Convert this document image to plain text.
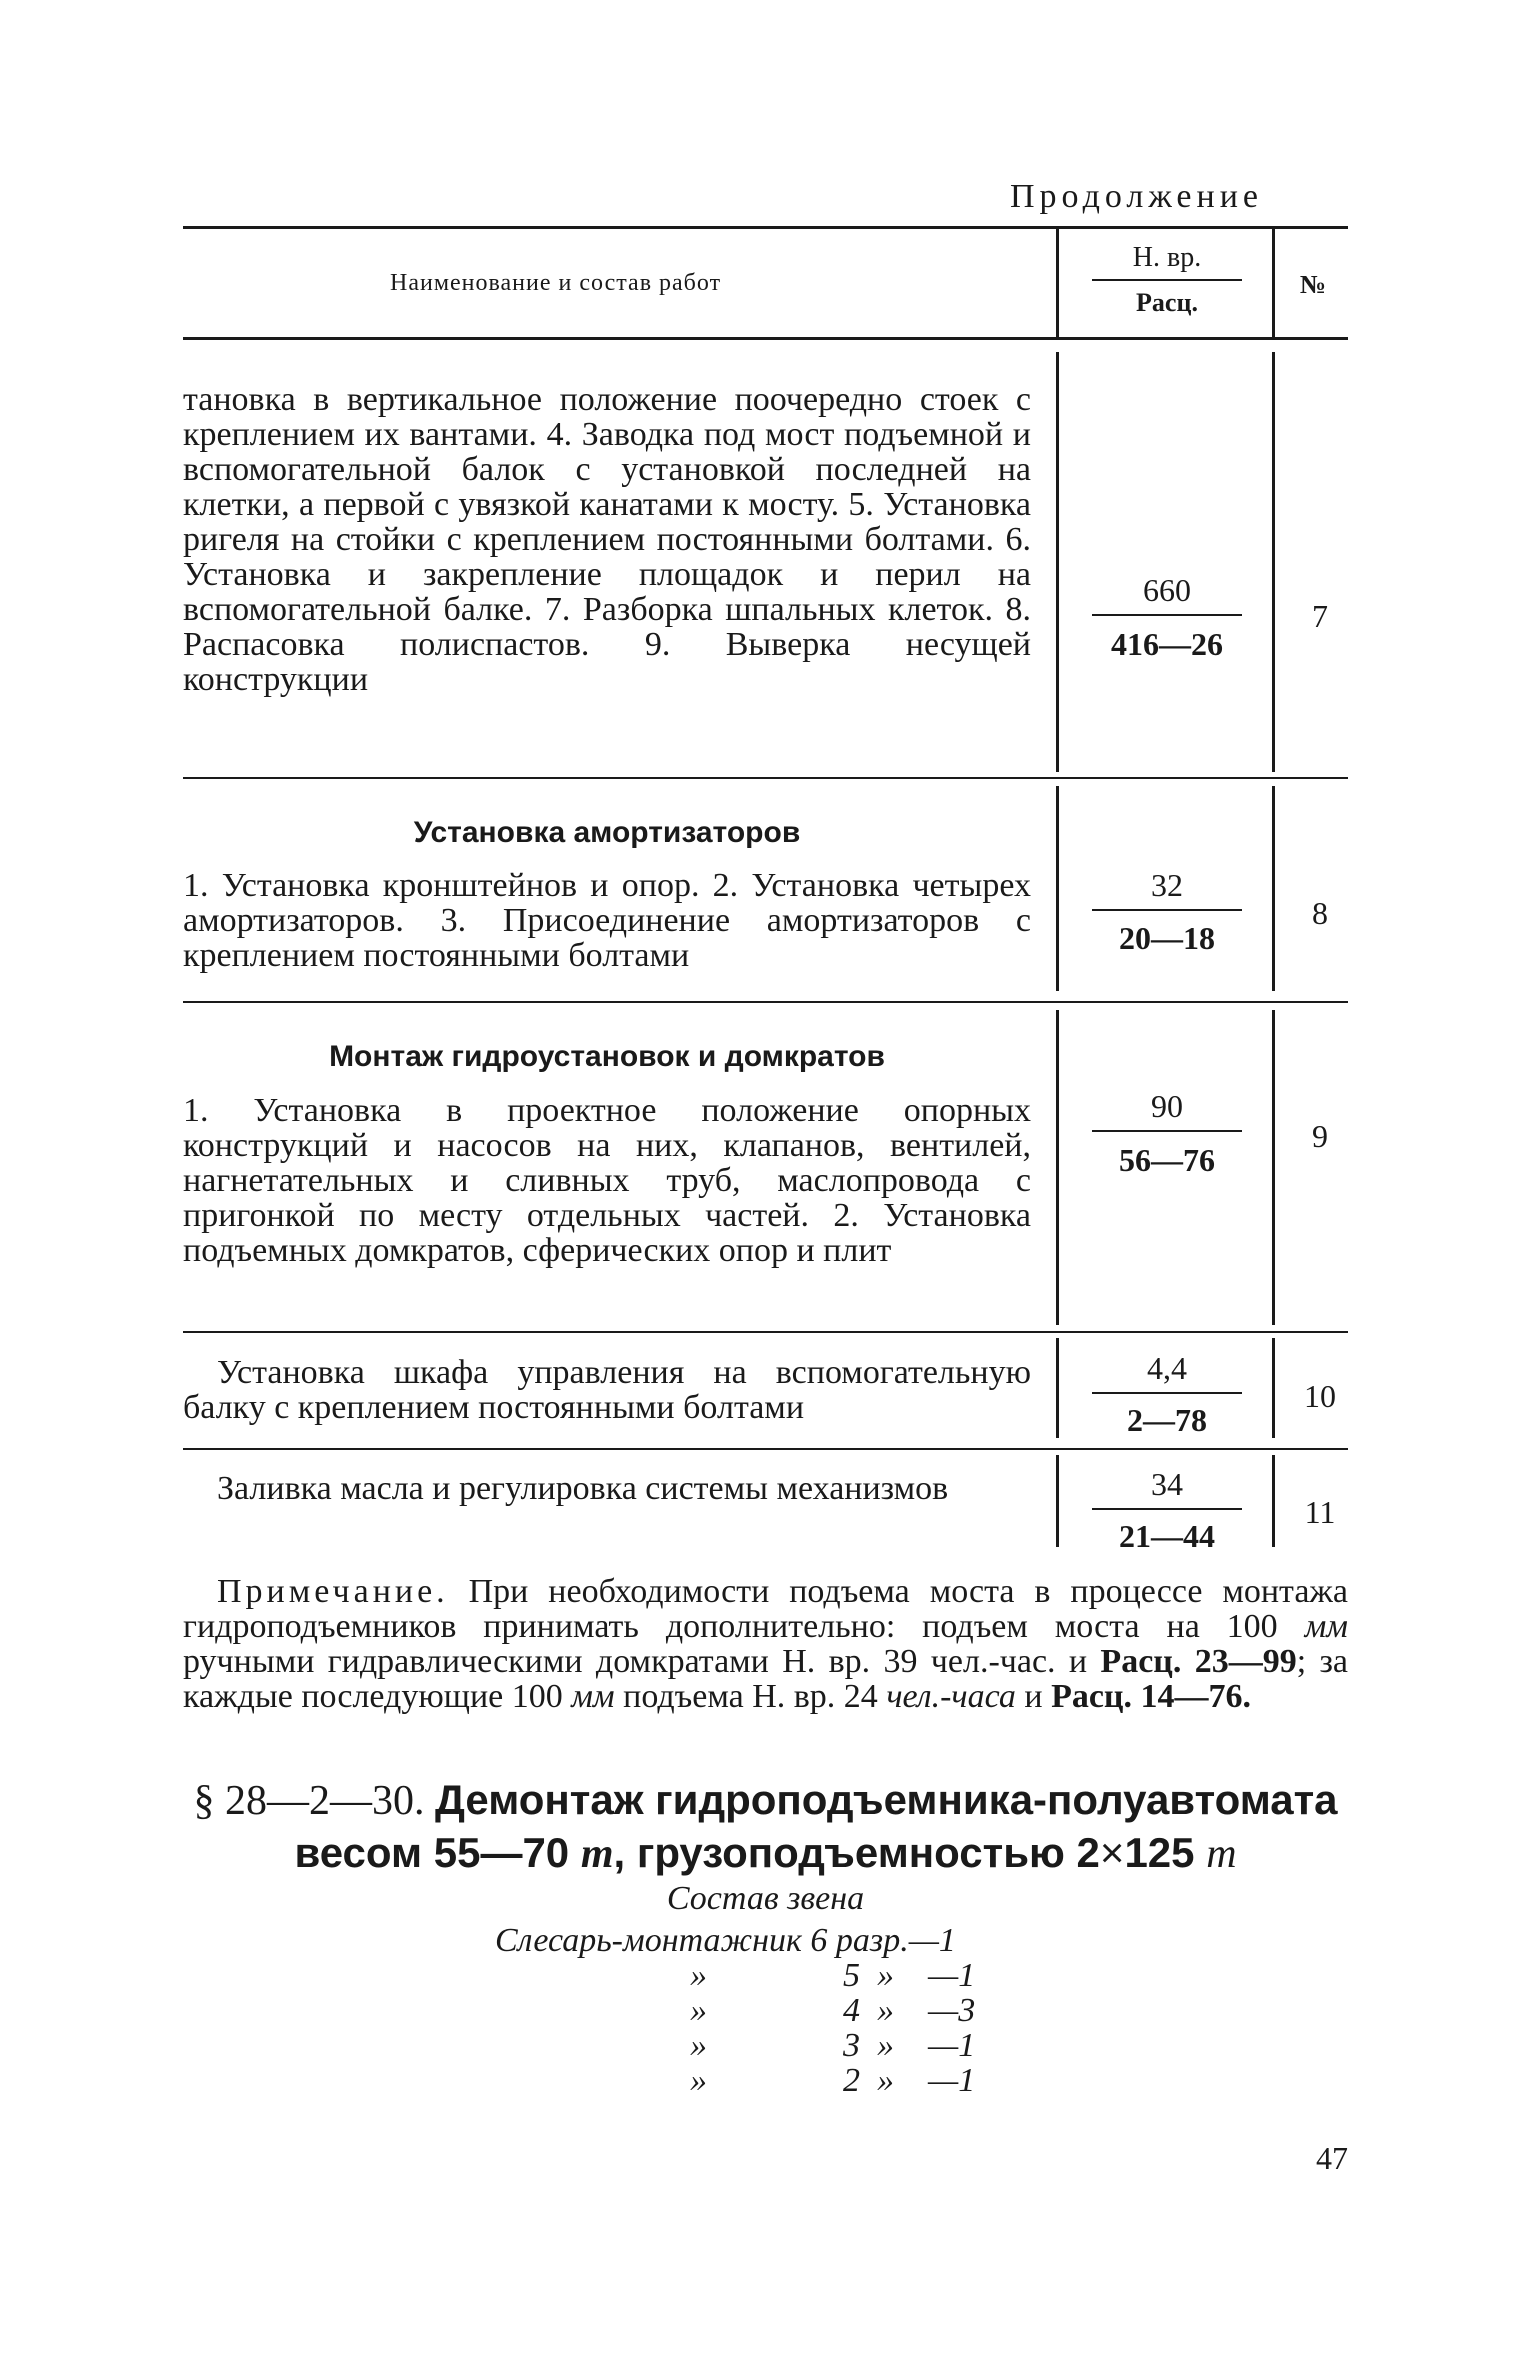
Продолжение
Наименование и состав работ
Н. вр.
Расц.
№
тановка в вертикальное положение поочередно стоек с креплением их вантами. 4. Заводка под мост подъемной и вспомогательной балок с установкой последней на клетки, а первой с увязкой канатами к мосту. 5. Установка ригеля на стойки с креплением постоянными болтами. 6. Установка и закрепление площадок и перил на вспомогательной балке. 7. Разборка шпальных клеток. 8. Распасовка полиспастов. 9. Выверка несущей конструкции
660
416—26
7
Установка амортизаторов
1. Установка кронштейнов и опор. 2. Установка четырех амортизаторов. 3. Присоединение амортизаторов с креплением постоянными болтами
32
20—18
8
Монтаж гидроустановок и домкратов
1. Установка в проектное положение опорных конструкций и насосов на них, клапанов, вентилей, нагнетательных и сливных труб, маслопровода с пригонкой по месту отдельных частей. 2. Установка подъемных домкратов, сферических опор и плит
90
56—76
9
Установка шкафа управления на вспомогательную балку с креплением постоянными болтами
4,4
2—78
10
Заливка масла и регулировка системы механизмов	34
21—44
11
Примечание. При необходимости подъема моста в процессе монтажа гидроподъемников принимать дополнительно: подъем моста на 100 мм ручными гидравлическими домкратами Н. вр. 39 чел.-час. и Расц. 23—99; за каждые последующие 100 мм подъема Н. вр. 24 чел.-часа и Расц. 14—76.
§ 28—2—30. Демонтаж гидроподъемника-полуавтомата
весом 55—70 т, грузоподъемностью 2×125 т
Состав звена
Слесарь-монтажник 6 разр.—1
»                5  »    —1
»                4  »    —3
»                3  »    —1
»                2  »    —1
47
